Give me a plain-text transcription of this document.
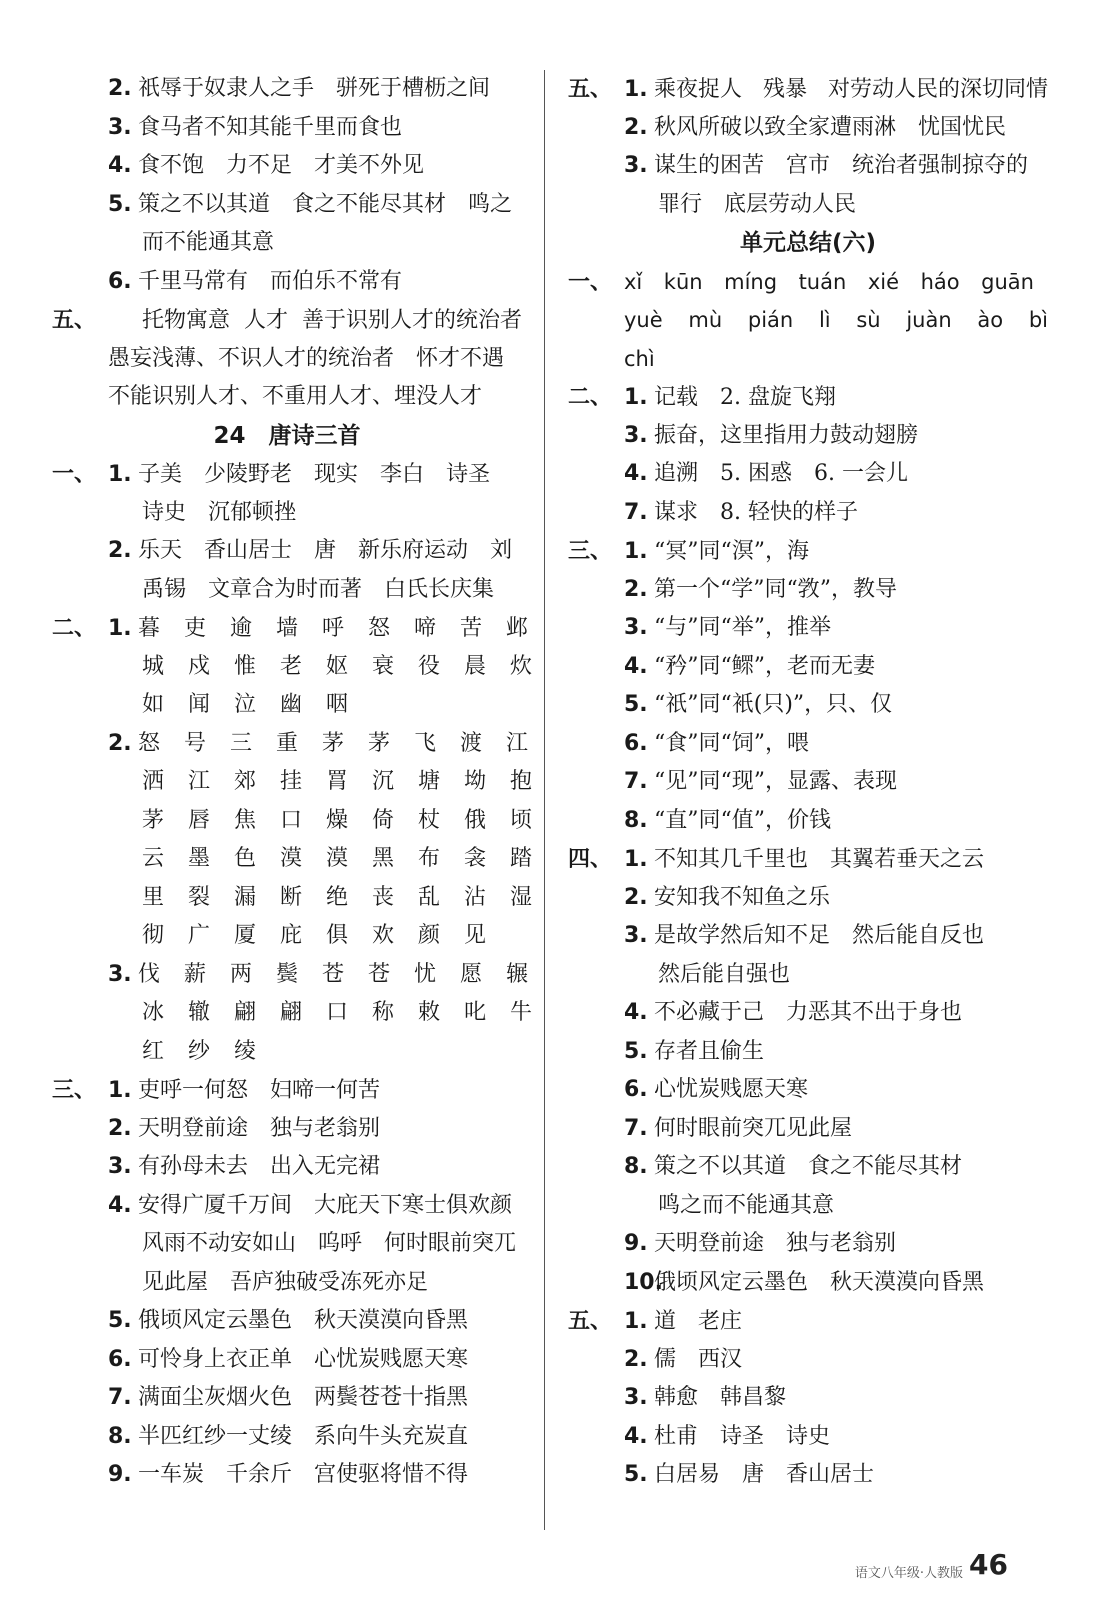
2. 祇辱于奴隶人之手 骈死于槽枥之间
3. 食马者不知其能千里而食也
4. 食不饱 力不足 才美不外见
5. 策之不以其道 食之不能尽其材 鸣之
而不能通其意
6. 千里马常有 而伯乐不常有
五、	托物寓意 人才 善于识别人才的统治者
愚妄浅薄、不识人才的统治者 怀才不遇
不能识别人才、不重用人才、埋没人才
24　唐诗三首
一、 1. 子美 少陵野老 现实 李白 诗圣
诗史 沉郁顿挫
2. 乐天 香山居士 唐 新乐府运动 刘
禹锡 文章合为时而著 白氏长庆集
二、 1. 暮	吏	逾	墙	呼	怒	啼	苦	邺
城	戍	惟	老	妪	衰	役	晨	炊
如	闻	泣	幽	咽
2. 怒	号	三	重	茅	茅	飞	渡	江
洒	江	郊	挂	罥	沉	塘	坳	抱
茅	唇	焦	口	燥	倚	杖	俄	顷
云	墨	色	漠	漠	黑	布	衾	踏
里	裂	漏	断	绝	丧	乱	沾	湿
彻	广	厦	庇	俱	欢	颜	见
3. 伐	薪	两	鬓	苍	苍	忧	愿	辗
冰	辙	翩	翩	口	称	敕	叱	牛
红	纱	绫
三、 1. 吏呼一何怒 妇啼一何苦
2. 天明登前途 独与老翁别
3. 有孙母未去 出入无完裙
4. 安得广厦千万间 大庇天下寒士俱欢颜
风雨不动安如山 呜呼 何时眼前突兀
见此屋 吾庐独破受冻死亦足
5. 俄顷风定云墨色 秋天漠漠向昏黑
6. 可怜身上衣正单 心忧炭贱愿天寒
7. 满面尘灰烟火色 两鬓苍苍十指黑
8. 半匹红纱一丈绫 系向牛头充炭直
9. 一车炭 千余斤 宫使驱将惜不得
五、 1. 乘夜捉人 残暴 对劳动人民的深切同情
2. 秋风所破以致全家遭雨淋 忧国忧民
3. 谋生的困苦 宫市 统治者强制掠夺的
罪行 底层劳动人民
单元总结(六)
一、 xǐ kūn míng tuán xié háo guān
yuè mù pián lì sù juàn ào bì
chì
二、 1. 记载 2. 盘旋飞翔
3. 振奋，这里指用力鼓动翅膀
4. 追溯 5. 困惑 6. 一会儿
7. 谋求 8. 轻快的样子
三、 1. “冥”同“溟”，海
2. 第一个“学”同“敩”，教导
3. “与”同“举”，推举
4. “矜”同“鳏”，老而无妻
5. “祇”同“衹(只)”，只、仅
6. “食”同“饲”，喂
7. “见”同“现”，显露、表现
8. “直”同“值”，价钱
四、 1. 不知其几千里也 其翼若垂天之云
2. 安知我不知鱼之乐
3. 是故学然后知不足 然后能自反也
然后能自强也
4. 不必藏于己 力恶其不出于身也
5. 存者且偷生
6. 心忧炭贱愿天寒
7. 何时眼前突兀见此屋
8. 策之不以其道 食之不能尽其材
鸣之而不能通其意
9. 天明登前途 独与老翁别
10.
俄顷风定云墨色 秋天漠漠向昏黑
五、 1. 道 老庄
2. 儒 西汉
3. 韩愈 韩昌黎
4. 杜甫 诗圣 诗史
5. 白居易 唐 香山居士
语文八年级·人教版 46
